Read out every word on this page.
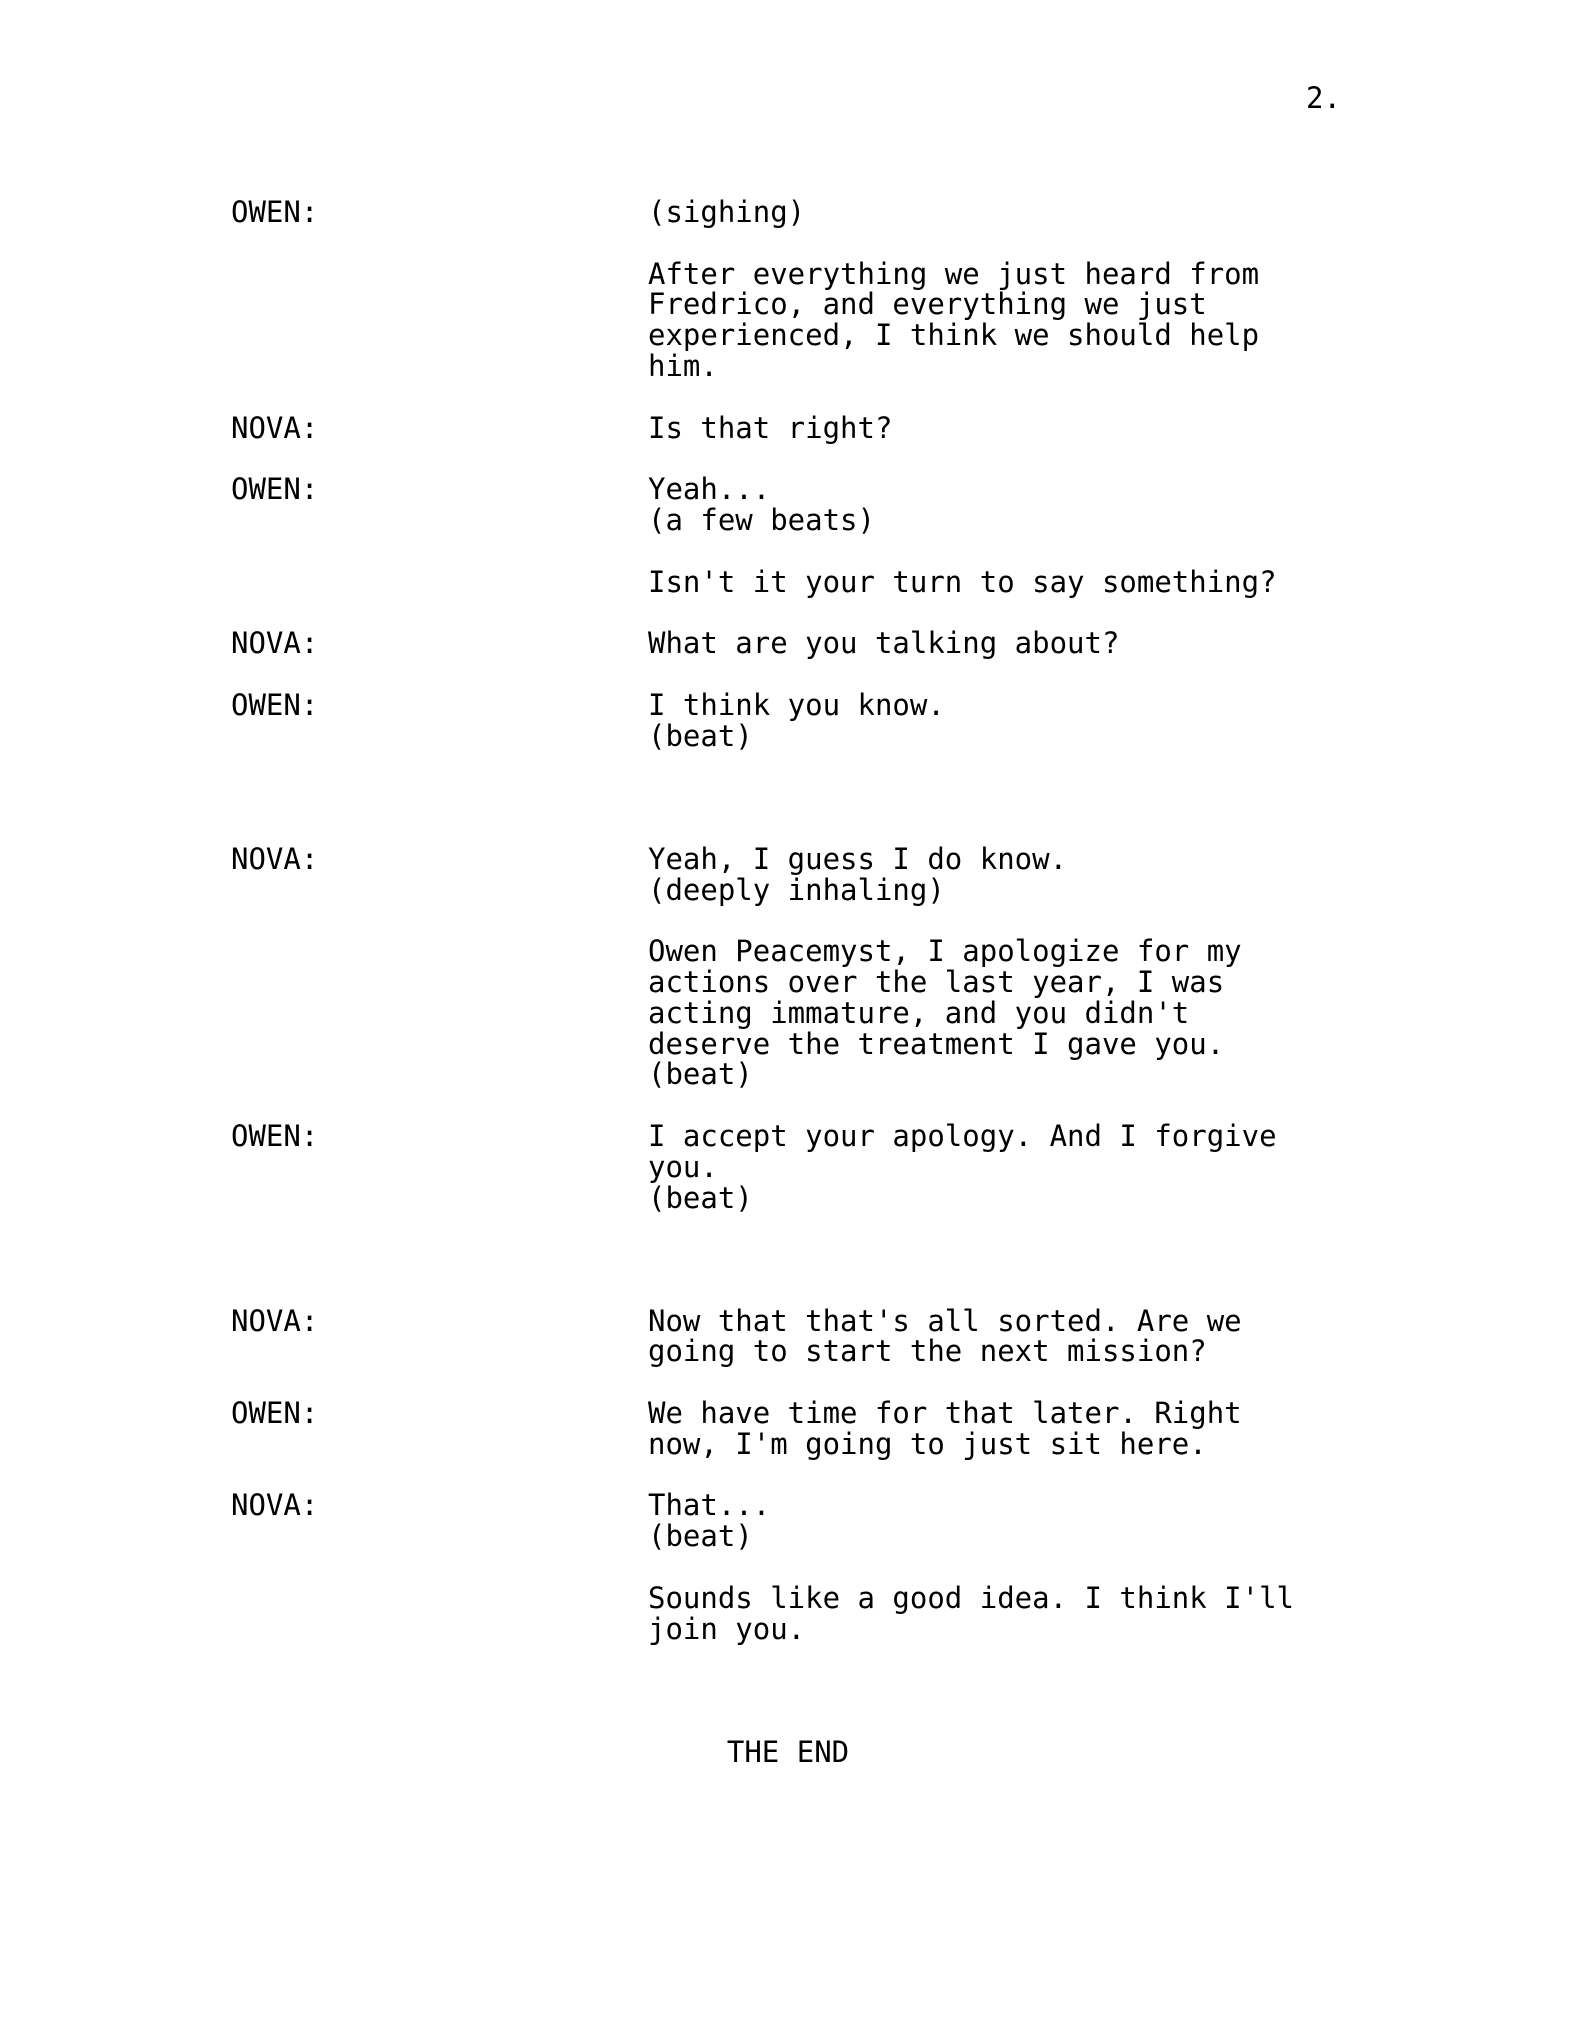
2.
OWEN:	(sighing)
After everything we just heard from
Fredrico, and everything we just
experienced, I think we should help
him.
NOVA:	Is that right?
OWEN:	Yeah...
(a few beats)
Isn't it your turn to say something?
NOVA:	What are you talking about?
OWEN:	I think you know.
(beat)
NOVA:	Yeah, I guess I do know.
(deeply inhaling)
Owen Peacemyst, I apologize for my
actions over the last year, I was
acting immature, and you didn't
deserve the treatment I gave you.
(beat)
OWEN:	I accept your apology. And I forgive
you.
(beat)
NOVA:	Now that that's all sorted. Are we
going to start the next mission?
OWEN:	We have time for that later. Right
now, I'm going to just sit here.
NOVA:	That...
(beat)
Sounds like a good idea. I think I'll
join you.
THE END
